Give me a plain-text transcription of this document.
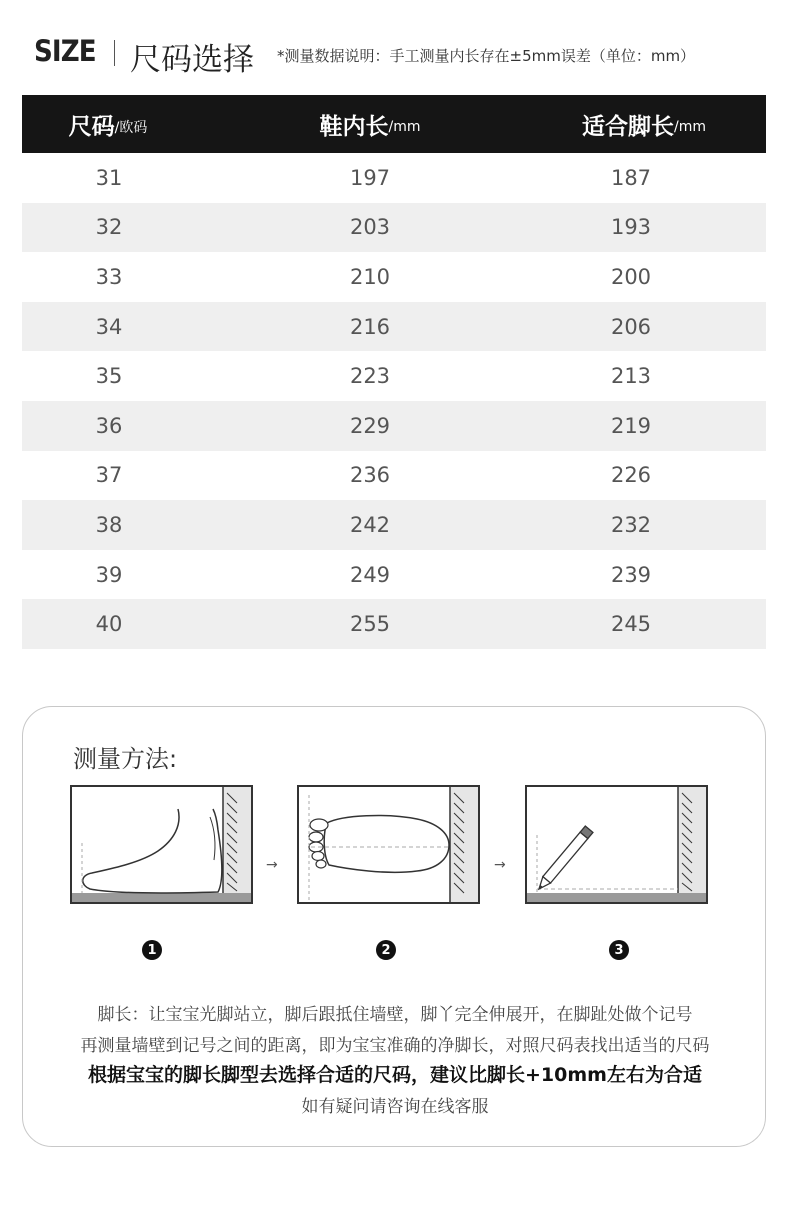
SIZE 尺码选择 *测量数据说明：手工测量内长存在±5mm误差（单位：mm）
尺码 /欧码	鞋内长 /mm	适合脚长 /mm
31	197	187
32	203	193
33	210	200
34	216	206
35	223	213
36	229	219
37	236	226
38	242	232
39	249	239
40	255	245
测量方法:
→	→
1	2	3
脚长：让宝宝光脚站立，脚后跟抵住墙壁，脚丫完全伸展开，在脚趾处做个记号
再测量墙壁到记号之间的距离，即为宝宝准确的净脚长，对照尺码表找出适当的尺码
根据宝宝的脚长脚型去选择合适的尺码，建议比脚长+10mm左右为合适
如有疑问请咨询在线客服
